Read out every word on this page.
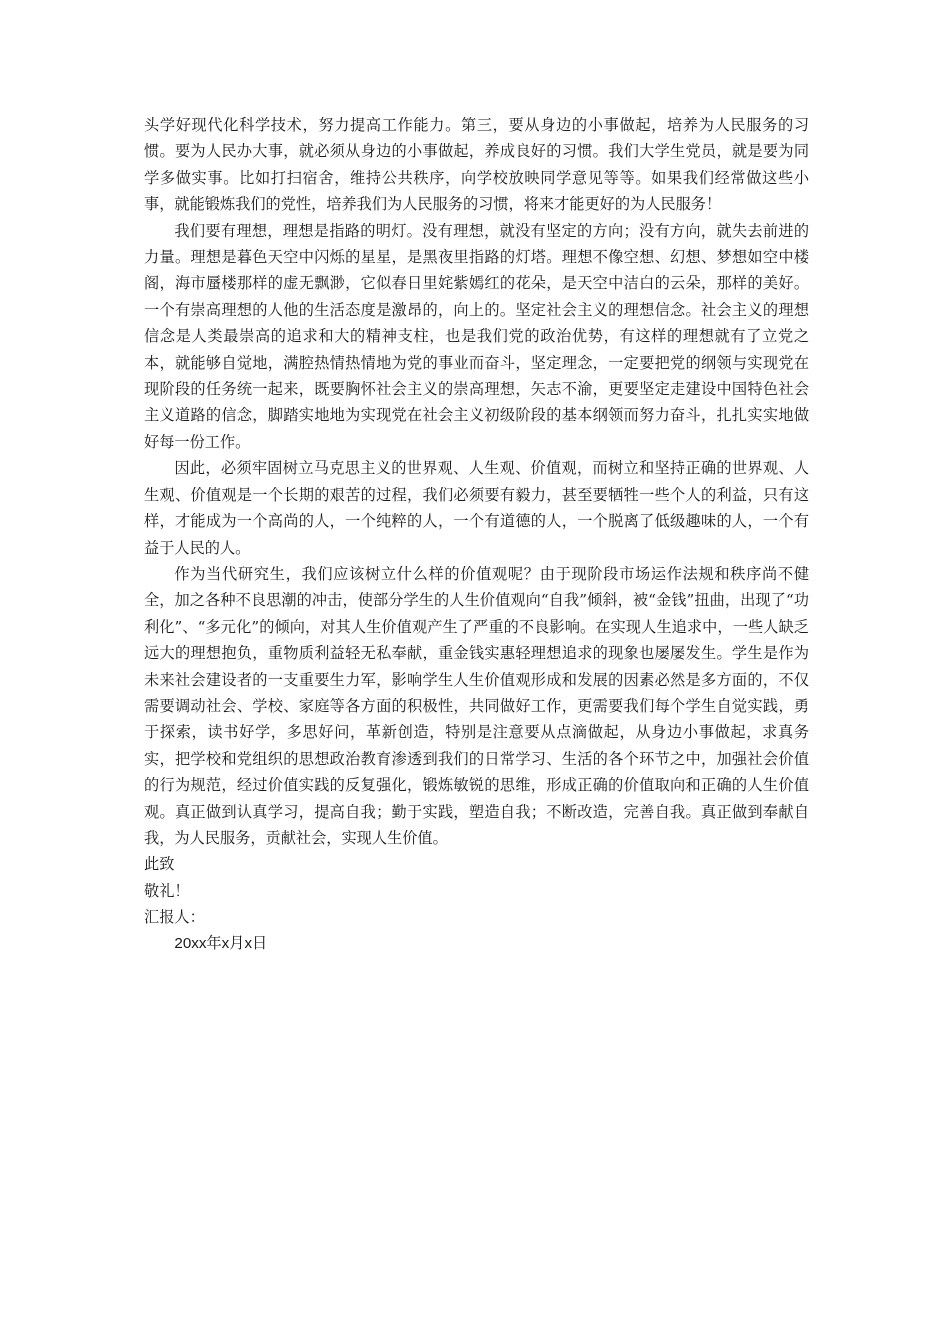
头学好现代化科学技术，努力提高工作能力。第三，要从身边的小事做起，培养为人民服务的习惯。要为人民办大事，就必须从身边的小事做起，养成良好的习惯。我们大学生党员，就是要为同学多做实事。比如打扫宿舍，维持公共秩序，向学校放映同学意见等等。如果我们经常做这些小事，就能锻炼我们的党性，培养我们为人民服务的习惯，将来才能更好的为人民服务！

我们要有理想，理想是指路的明灯。没有理想，就没有坚定的方向；没有方向，就失去前进的力量。理想是暮色天空中闪烁的星星，是黑夜里指路的灯塔。理想不像空想、幻想、梦想如空中楼阁，海市蜃楼那样的虚无飘渺，它似春日里姹紫嫣红的花朵，是天空中洁白的云朵，那样的美好。一个有崇高理想的人他的生活态度是激昂的，向上的。坚定社会主义的理想信念。社会主义的理想信念是人类最崇高的追求和大的精神支柱，也是我们党的政治优势，有这样的理想就有了立党之本，就能够自觉地，满腔热情热情地为党的事业而奋斗，坚定理念，一定要把党的纲领与实现党在现阶段的任务统一起来，既要胸怀社会主义的崇高理想，矢志不渝，更要坚定走建设中国特色社会主义道路的信念，脚踏实地地为实现党在社会主义初级阶段的基本纲领而努力奋斗，扎扎实实地做好每一份工作。

因此，必须牢固树立马克思主义的世界观、人生观、价值观，而树立和坚持正确的世界观、人生观、价值观是一个长期的艰苦的过程，我们必须要有毅力，甚至要牺牲一些个人的利益，只有这样，才能成为一个高尚的人，一个纯粹的人，一个有道德的人，一个脱离了低级趣味的人，一个有益于人民的人。

作为当代研究生，我们应该树立什么样的价值观呢？由于现阶段市场运作法规和秩序尚不健全，加之各种不良思潮的冲击，使部分学生的人生价值观向“自我”倾斜，被“金钱”扭曲，出现了“功利化”、“多元化”的倾向，对其人生价值观产生了严重的不良影响。在实现人生追求中，一些人缺乏远大的理想抱负，重物质利益轻无私奉献，重金钱实惠轻理想追求的现象也屡屡发生。学生是作为未来社会建设者的一支重要生力军，影响学生人生价值观形成和发展的因素必然是多方面的，不仅需要调动社会、学校、家庭等各方面的积极性，共同做好工作，更需要我们每个学生自觉实践，勇于探索，读书好学，多思好问，革新创造，特别是注意要从点滴做起，从身边小事做起，求真务实，把学校和党组织的思想政治教育渗透到我们的日常学习、生活的各个环节之中，加强社会价值的行为规范，经过价值实践的反复强化，锻炼敏锐的思维，形成正确的价值取向和正确的人生价值观。真正做到认真学习，提高自我；勤于实践，塑造自我；不断改造，完善自我。真正做到奉献自我，为人民服务，贡献社会，实现人生价值。

此致
敬礼！
汇报人：
20xx年x月x日
